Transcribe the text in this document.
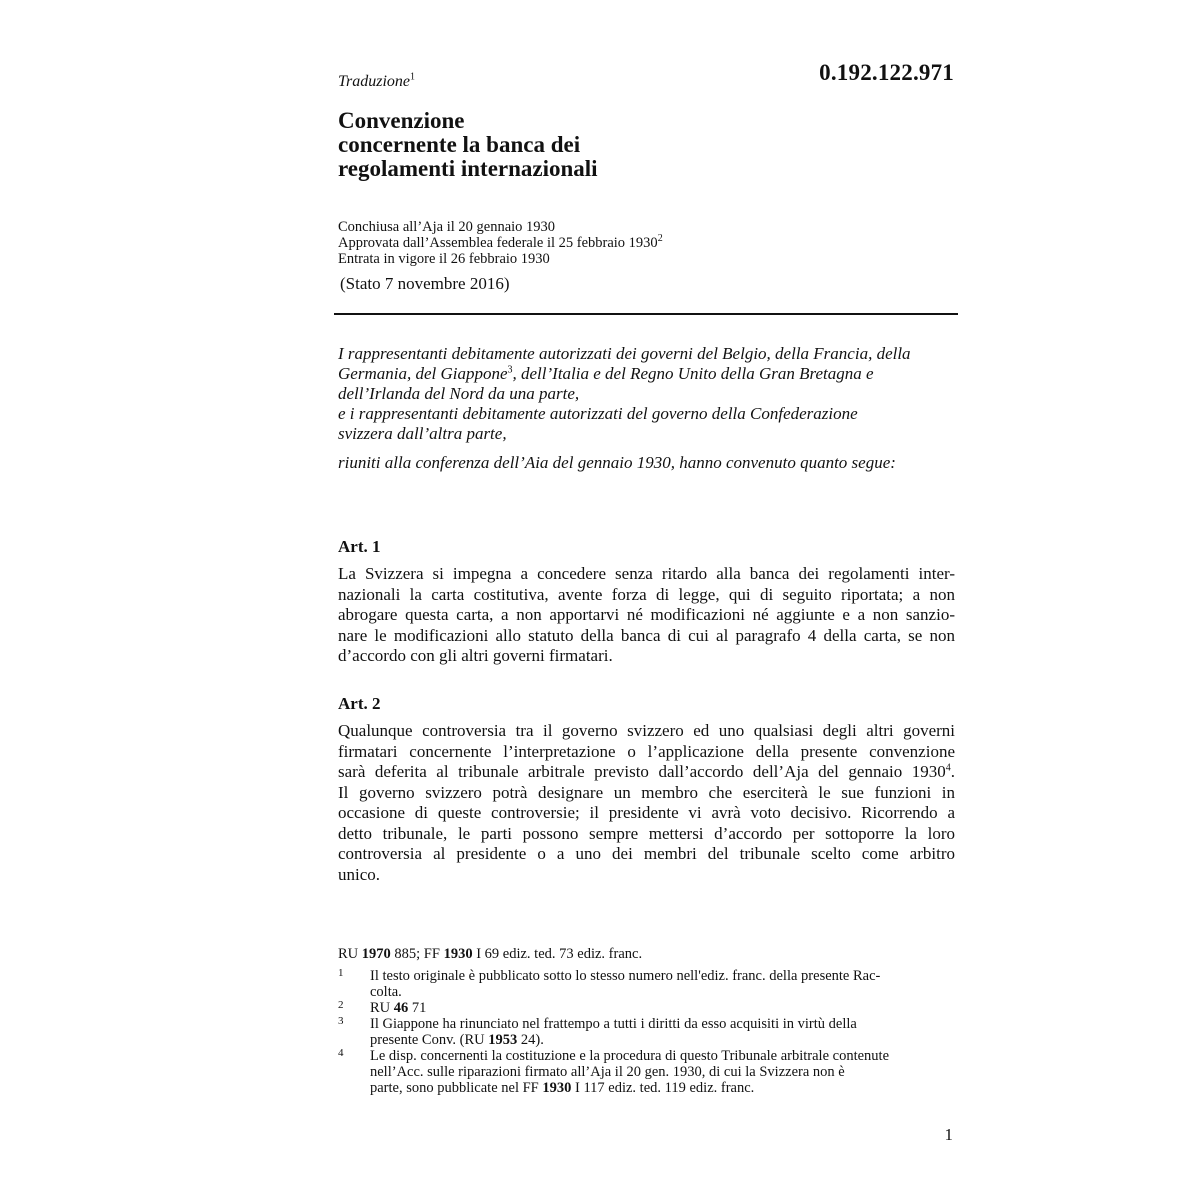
0.192.122.971
Traduzione$^1$
Convenzione
concernente la banca dei
regolamenti internazionali
Conchiusa all’Aja il 20 gennaio 1930
Approvata dall’Assemblea federale il 25 febbraio 1930$^2$
Entrata in vigore il 26 febbraio 1930
(Stato 7 novembre 2016)
I rappresentanti debitamente autorizzati dei governi del Belgio, della Francia, della
Germania, del Giappone$^3$, dell’Italia e del Regno Unito della Gran Bretagna e
dell’Irlanda del Nord da una parte,
e i rappresentanti debitamente autorizzati del governo della Confederazione
svizzera dall’altra parte,
riuniti alla conferenza dell’Aia del gennaio 1930, hanno convenuto quanto segue:
Art. 1
La Svizzera si impegna a concedere senza ritardo alla banca dei regolamenti inter-
nazionali la carta costitutiva, avente forza di legge, qui di seguito riportata; a non
abrogare questa carta, a non apportarvi né modificazioni né aggiunte e a non sanzio-
nare le modificazioni allo statuto della banca di cui al paragrafo 4 della carta, se non
d’accordo con gli altri governi firmatari.
Art. 2
Qualunque controversia tra il governo svizzero ed uno qualsiasi degli altri governi
firmatari concernente l’interpretazione o l’applicazione della presente convenzione
sarà deferita al tribunale arbitrale previsto dall’accordo dell’Aja del gennaio 1930$^4$.
Il governo svizzero potrà designare un membro che eserciterà le sue funzioni in
occasione di queste controversie; il presidente vi avrà voto decisivo. Ricorrendo a
detto tribunale, le parti possono sempre mettersi d’accordo per sottoporre la loro
controversia al presidente o a uno dei membri del tribunale scelto come arbitro
unico.
RU 1970 885; FF 1930 I 69 ediz. ted. 73 ediz. franc.
1 Il testo originale è pubblicato sotto lo stesso numero nell'ediz. franc. della presente Rac-
colta.
2 RU 46 71
3 Il Giappone ha rinunciato nel frattempo a tutti i diritti da esso acquisiti in virtù della
presente Conv. (RU 1953 24).
4 Le disp. concernenti la costituzione e la procedura di questo Tribunale arbitrale contenute
nell’Acc. sulle riparazioni firmato all’Aja il 20 gen. 1930, di cui la Svizzera non è
parte, sono pubblicate nel FF 1930 I 117 ediz. ted. 119 ediz. franc.
1
